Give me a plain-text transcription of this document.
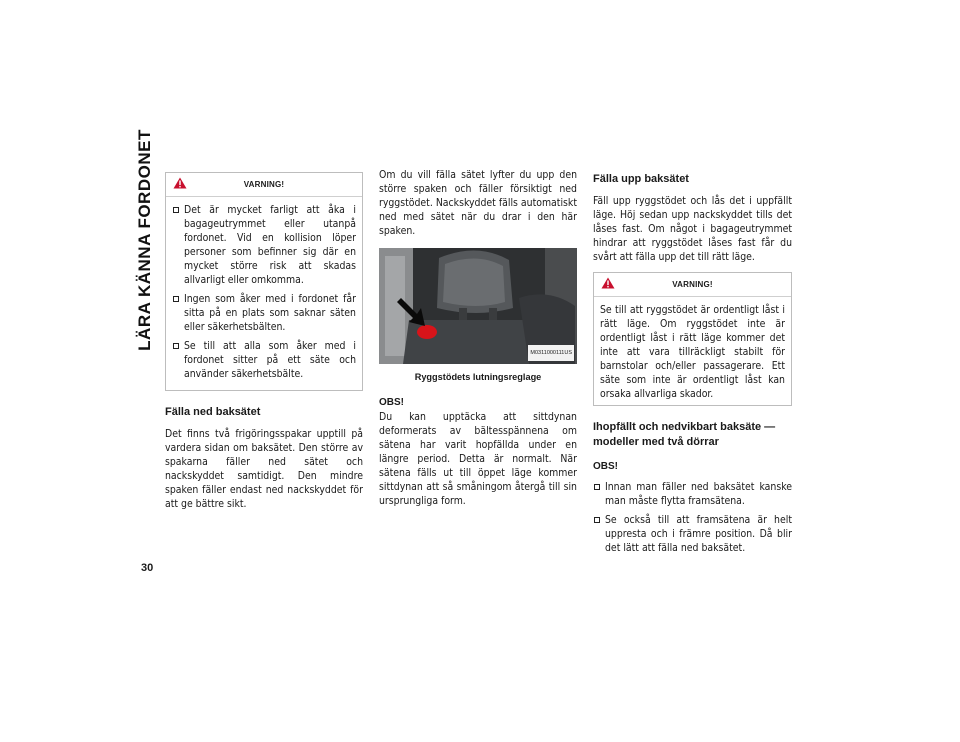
LÄRA KÄNNA FORDONET	VARNING!
Det är mycket farligt att åka i bagageutrymmet eller utanpå fordonet. Vid en kollision löper personer som befinner sig där en mycket större risk att skadas allvarligt eller omkomma.
Ingen som åker med i fordonet får sitta på en plats som saknar säten eller säkerhetsbälten.
Se till att alla som åker med i fordonet sitter på ett säte och använder säkerhetsbälte.
Fälla ned baksätet

Det finns två frigöringsspakar upptill på vardera sidan om baksätet. Den större av spakarna fäller ned sätet och nackskyddet samtidigt. Den mindre spaken fäller endast ned nackskyddet för att ge bättre sikt.

Om du vill fälla sätet lyfter du upp den större spaken och fäller försiktigt ned ryggstödet. Nackskyddet fälls automatiskt ned med sätet när du drar i den här spaken.

M0311000111US
Ryggstödets lutningsreglage
OBS!

Du kan upptäcka att sittdynan deformerats av bältesspännena om sätena har varit hopfällda under en längre period. Detta är normalt. När sätena fälls ut till öppet läge kommer sittdynan att så småningom återgå till sin ursprungliga form.

Fälla upp baksätet

Fäll upp ryggstödet och lås det i uppfällt läge. Höj sedan upp nackskyddet tills det låses fast. Om något i bagageutrymmet hindrar att ryggstödet låses fast får du svårt att fälla upp det till rätt läge.

VARNING!

Se till att ryggstödet är ordentligt låst i rätt läge. Om ryggstödet inte är ordentligt låst i rätt läge kommer det inte att vara tillräckligt stabilt för barnstolar och/eller passagerare. Ett säte som inte är ordentligt låst kan orsaka allvarliga skador.

Ihopfällt och nedvikbart baksäte —
modeller med två dörrar
OBS!
Innan man fäller ned baksätet kanske man måste flytta framsätena.
Se också till att framsätena är helt uppresta och i främre position. Då blir det lätt att fälla ned baksätet.
30
